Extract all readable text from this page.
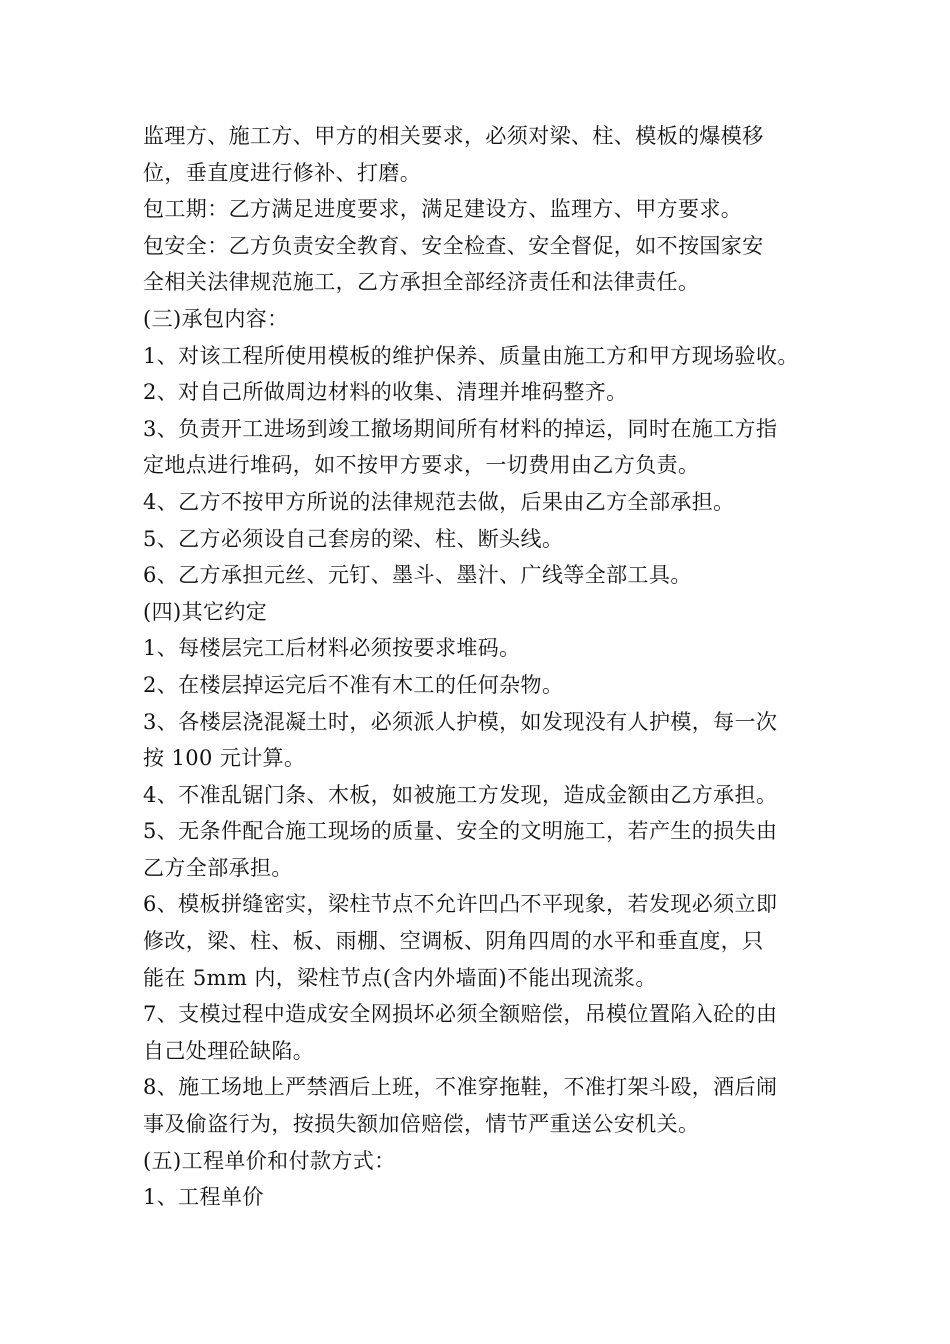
监理方、施工方、甲方的相关要求，必须对梁、柱、模板的爆模移
位，垂直度进行修补、打磨。
包工期：乙方满足进度要求，满足建设方、监理方、甲方要求。
包安全：乙方负责安全教育、安全检查、安全督促，如不按国家安
全相关法律规范施工，乙方承担全部经济责任和法律责任。
(三)承包内容：
1、对该工程所使用模板的维护保养、质量由施工方和甲方现场验收。
2、对自己所做周边材料的收集、清理并堆码整齐。
3、负责开工进场到竣工撤场期间所有材料的掉运，同时在施工方指
定地点进行堆码，如不按甲方要求，一切费用由乙方负责。
4、乙方不按甲方所说的法律规范去做，后果由乙方全部承担。
5、乙方必须设自己套房的梁、柱、断头线。
6、乙方承担元丝、元钉、墨斗、墨汁、广线等全部工具。
(四)其它约定
1、每楼层完工后材料必须按要求堆码。
2、在楼层掉运完后不准有木工的任何杂物。
3、各楼层浇混凝土时，必须派人护模，如发现没有人护模，每一次
按 100 元计算。
4、不准乱锯门条、木板，如被施工方发现，造成金额由乙方承担。
5、无条件配合施工现场的质量、安全的文明施工，若产生的损失由
乙方全部承担。
6、模板拼缝密实，梁柱节点不允许凹凸不平现象，若发现必须立即
修改，梁、柱、板、雨棚、空调板、阴角四周的水平和垂直度，只
能在 5mm 内，梁柱节点(含内外墙面)不能出现流浆。
7、支模过程中造成安全网损坏必须全额赔偿，吊模位置陷入砼的由
自己处理砼缺陷。
8、施工场地上严禁酒后上班，不准穿拖鞋，不准打架斗殴，酒后闹
事及偷盗行为，按损失额加倍赔偿，情节严重送公安机关。
(五)工程单价和付款方式：
1、工程单价
